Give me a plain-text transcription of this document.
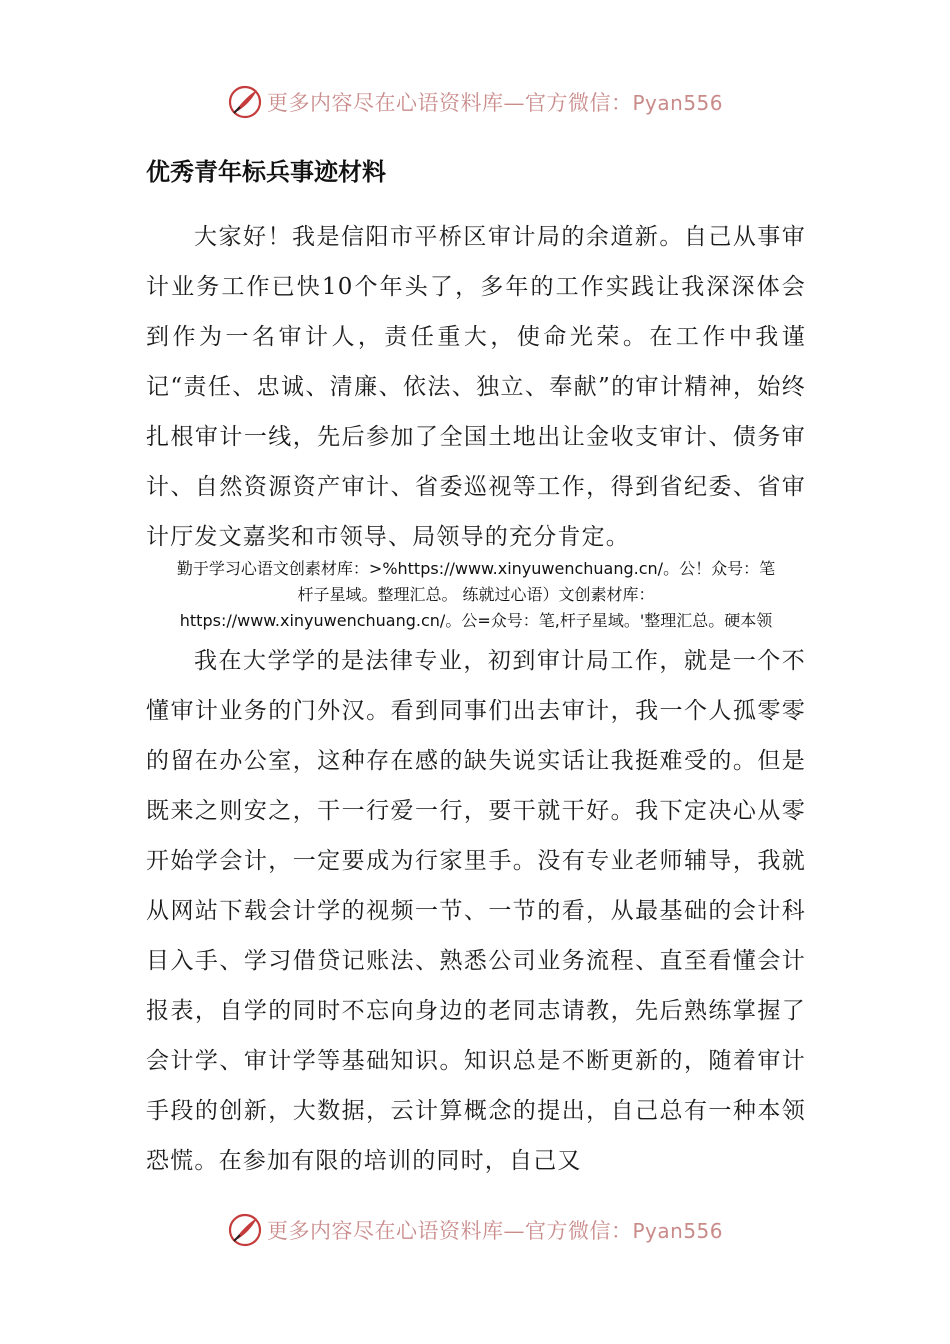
更多内容尽在心语资料库—官方微信：Pyan556
优秀青年标兵事迹材料

大家好！我是信阳市平桥区审计局的余道新。自己从事审计业务工作已快10个年头了，多年的工作实践让我深深体会到作为一名审计人，责任重大，使命光荣。在工作中我谨记“责任、忠诚、清廉、依法、独立、奉献”的审计精神，始终扎根审计一线，先后参加了全国土地出让金收支审计、债务审计、自然资源资产审计、省委巡视等工作，得到省纪委、省审计厅发文嘉奖和市领导、局领导的充分肯定。

勤于学习心语文创素材库：>%https://www.xinyuwenchuang.cn/。公！众号：笔
杆子星域。整理汇总。 练就过心语）文创素材库：
https://www.xinyuwenchuang.cn/。公=众号：笔,杆子星域。'整理汇总。硬本领

我在大学学的是法律专业，初到审计局工作，就是一个不懂审计业务的门外汉。看到同事们出去审计，我一个人孤零零的留在办公室，这种存在感的缺失说实话让我挺难受的。但是既来之则安之，干一行爱一行，要干就干好。我下定决心从零开始学会计，一定要成为行家里手。没有专业老师辅导，我就从网站下载会计学的视频一节、一节的看，从最基础的会计科目入手、学习借贷记账法、熟悉公司业务流程、直至看懂会计报表，自学的同时不忘向身边的老同志请教，先后熟练掌握了会计学、审计学等基础知识。知识总是不断更新的，随着审计手段的创新，大数据，云计算概念的提出，自己总有一种本领恐慌。在参加有限的培训的同时，自己又

更多内容尽在心语资料库—官方微信：Pyan556
